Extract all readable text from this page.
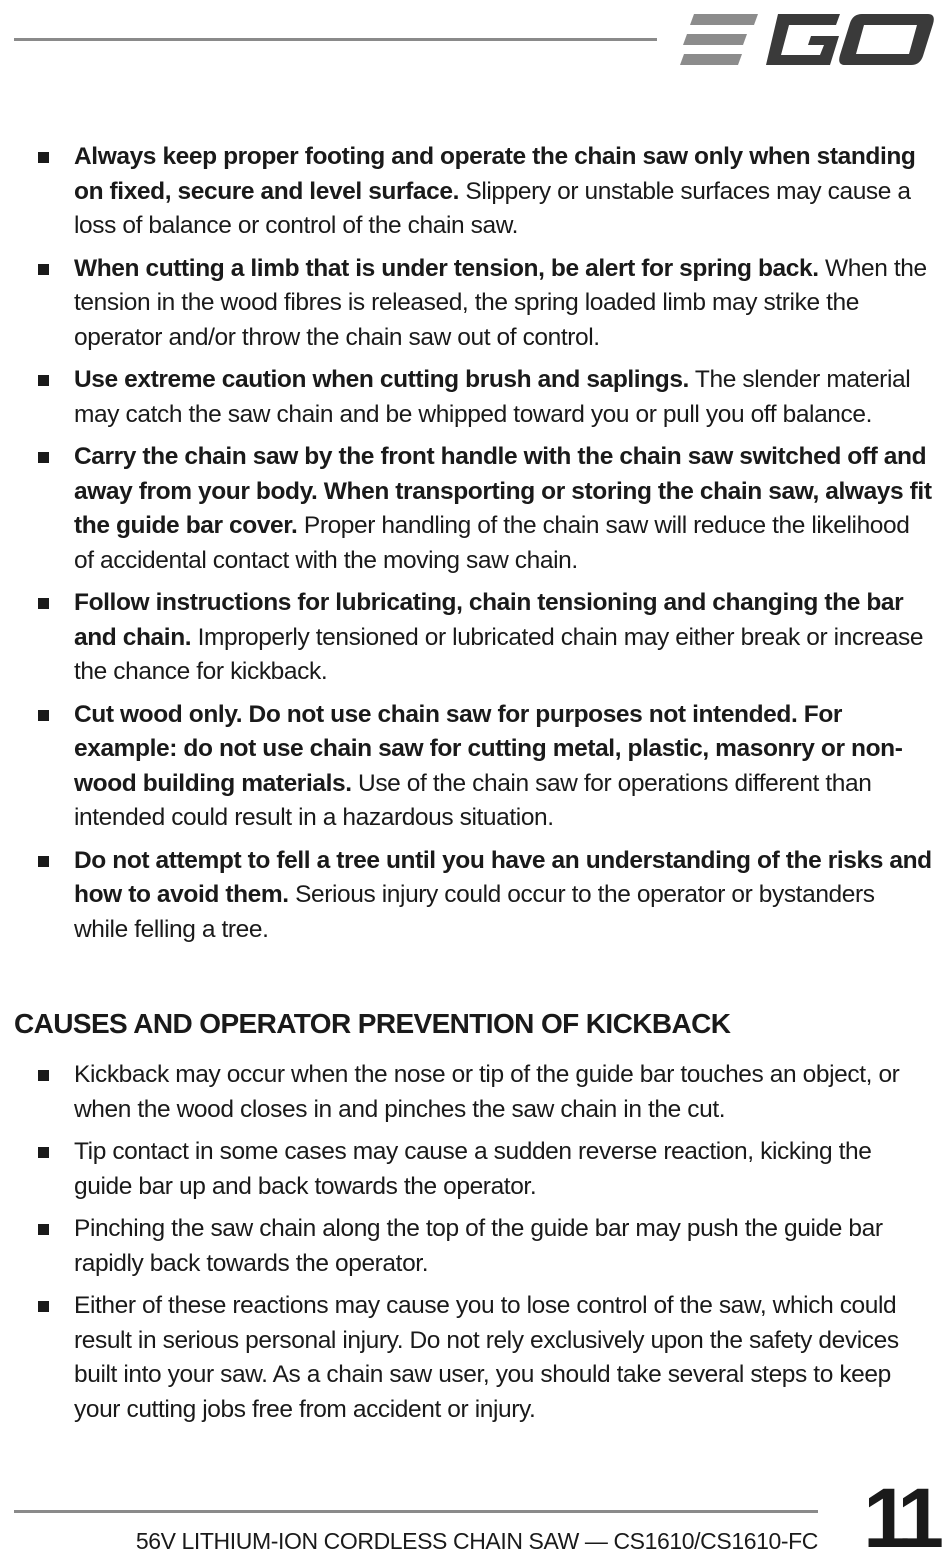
Always keep proper footing and operate the chain saw only when standing on fixed, secure and level surface. Slippery or unstable surfaces may cause a loss of balance or control of the chain saw.
When cutting a limb that is under tension, be alert for spring back. When the tension in the wood fibres is released, the spring loaded limb may strike the operator and/or throw the chain saw out of control.
Use extreme caution when cutting brush and saplings. The slender material may catch the saw chain and be whipped toward you or pull you off balance.
Carry the chain saw by the front handle with the chain saw switched off and away from your body. When transporting or storing the chain saw, always fit the guide bar cover. Proper handling of the chain saw will reduce the likelihood of accidental contact with the moving saw chain.
Follow instructions for lubricating, chain tensioning and changing the bar and chain. Improperly tensioned or lubricated chain may either break or increase the chance for kickback.
Cut wood only. Do not use chain saw for purposes not intended. For example: do not use chain saw for cutting metal, plastic, masonry or non-wood building materials. Use of the chain saw for operations different than intended could result in a hazardous situation.
Do not attempt to fell a tree until you have an understanding of the risks and how to avoid them. Serious injury could occur to the operator or bystanders while felling a tree.
CAUSES AND OPERATOR PREVENTION OF KICKBACK
Kickback may occur when the nose or tip of the guide bar touches an object, or when the wood closes in and pinches the saw chain in the cut.
Tip contact in some cases may cause a sudden reverse reaction, kicking the guide bar up and back towards the operator.
Pinching the saw chain along the top of the guide bar may push the guide bar rapidly back towards the operator.
Either of these reactions may cause you to lose control of the saw, which could result in serious personal injury. Do not rely exclusively upon the safety devices built into your saw. As a chain saw user, you should take several steps to keep your cutting jobs free from accident or injury.
56V LITHIUM-ION CORDLESS CHAIN SAW — CS1610/CS1610-FC 11
